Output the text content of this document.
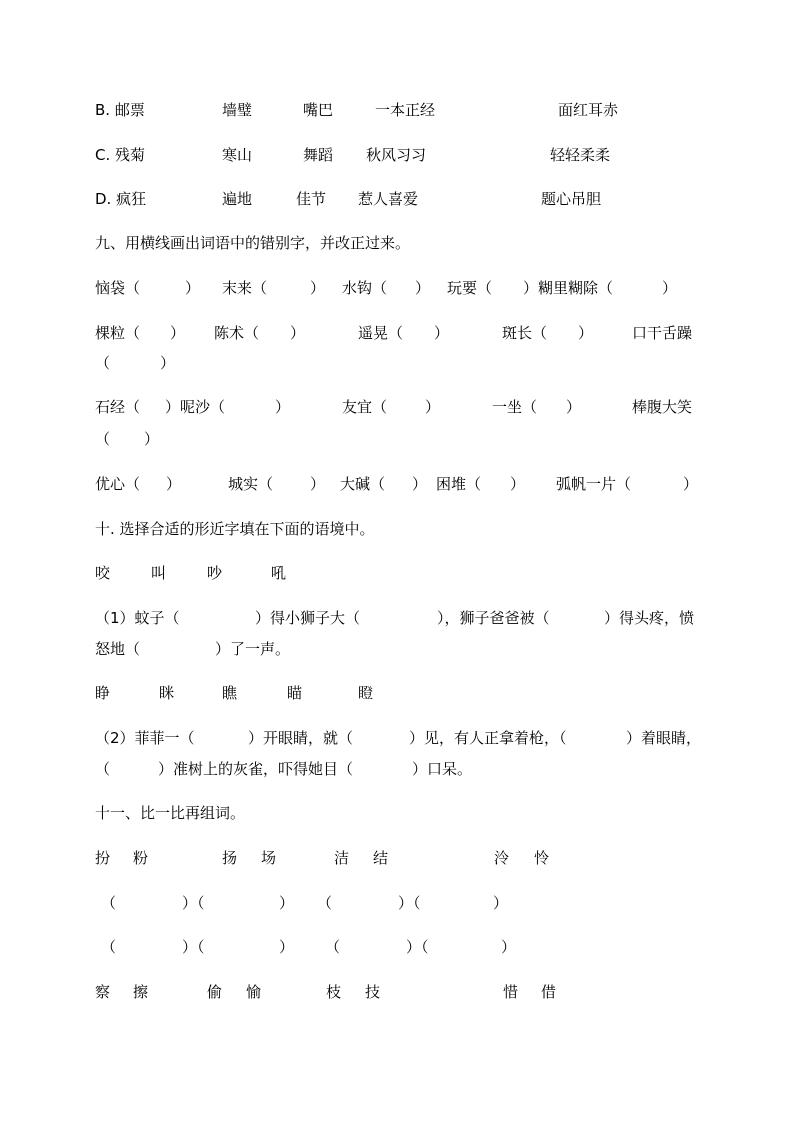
B. 邮票	墙璧	嘴巴	一本正经	面红耳赤
C. 残菊	寒山	舞蹈 秋风习习	轻轻柔柔
D. 疯狂	遍地	佳节 惹人喜爱	题心吊胆
九、用横线画出词语中的错别字，并改正过来。
恼袋（	） 末来（	） 水钩（ ） 玩要（ ）糊里糊除（	）
棵粒（ ） 陈术（ ）	遥晃（ ）	斑长（ ）	口干舌躁
（	）
石经（ ）呢沙（	）	友宜（	）	一坐（ ）	棒腹大笑
（ ）
优心（ ）	城实（ ） 大碱（ ） 困堆（ ） 弧帆一片（	）
十. 选择合适的形近字填在下面的语境中。
咬	叫	吵	吼
（1）蚊子（	）得小狮子大（	），狮子爸爸被（	）得头疼，愤
怒地（	）了一声。
睁	眯	瞧	瞄	瞪
（2）菲菲一（	）开眼睛，就（	）见，有人正拿着枪，（	）着眼睛，
（	）准树上的灰雀，吓得她目（	）口呆。
十一、比一比再组词。
扮 粉	扬 场	洁 结	泠 怜
（	）（	） （	）（	）
（	）（	） （	）（	）
察 擦	偷 愉	枝 技	惜 借
